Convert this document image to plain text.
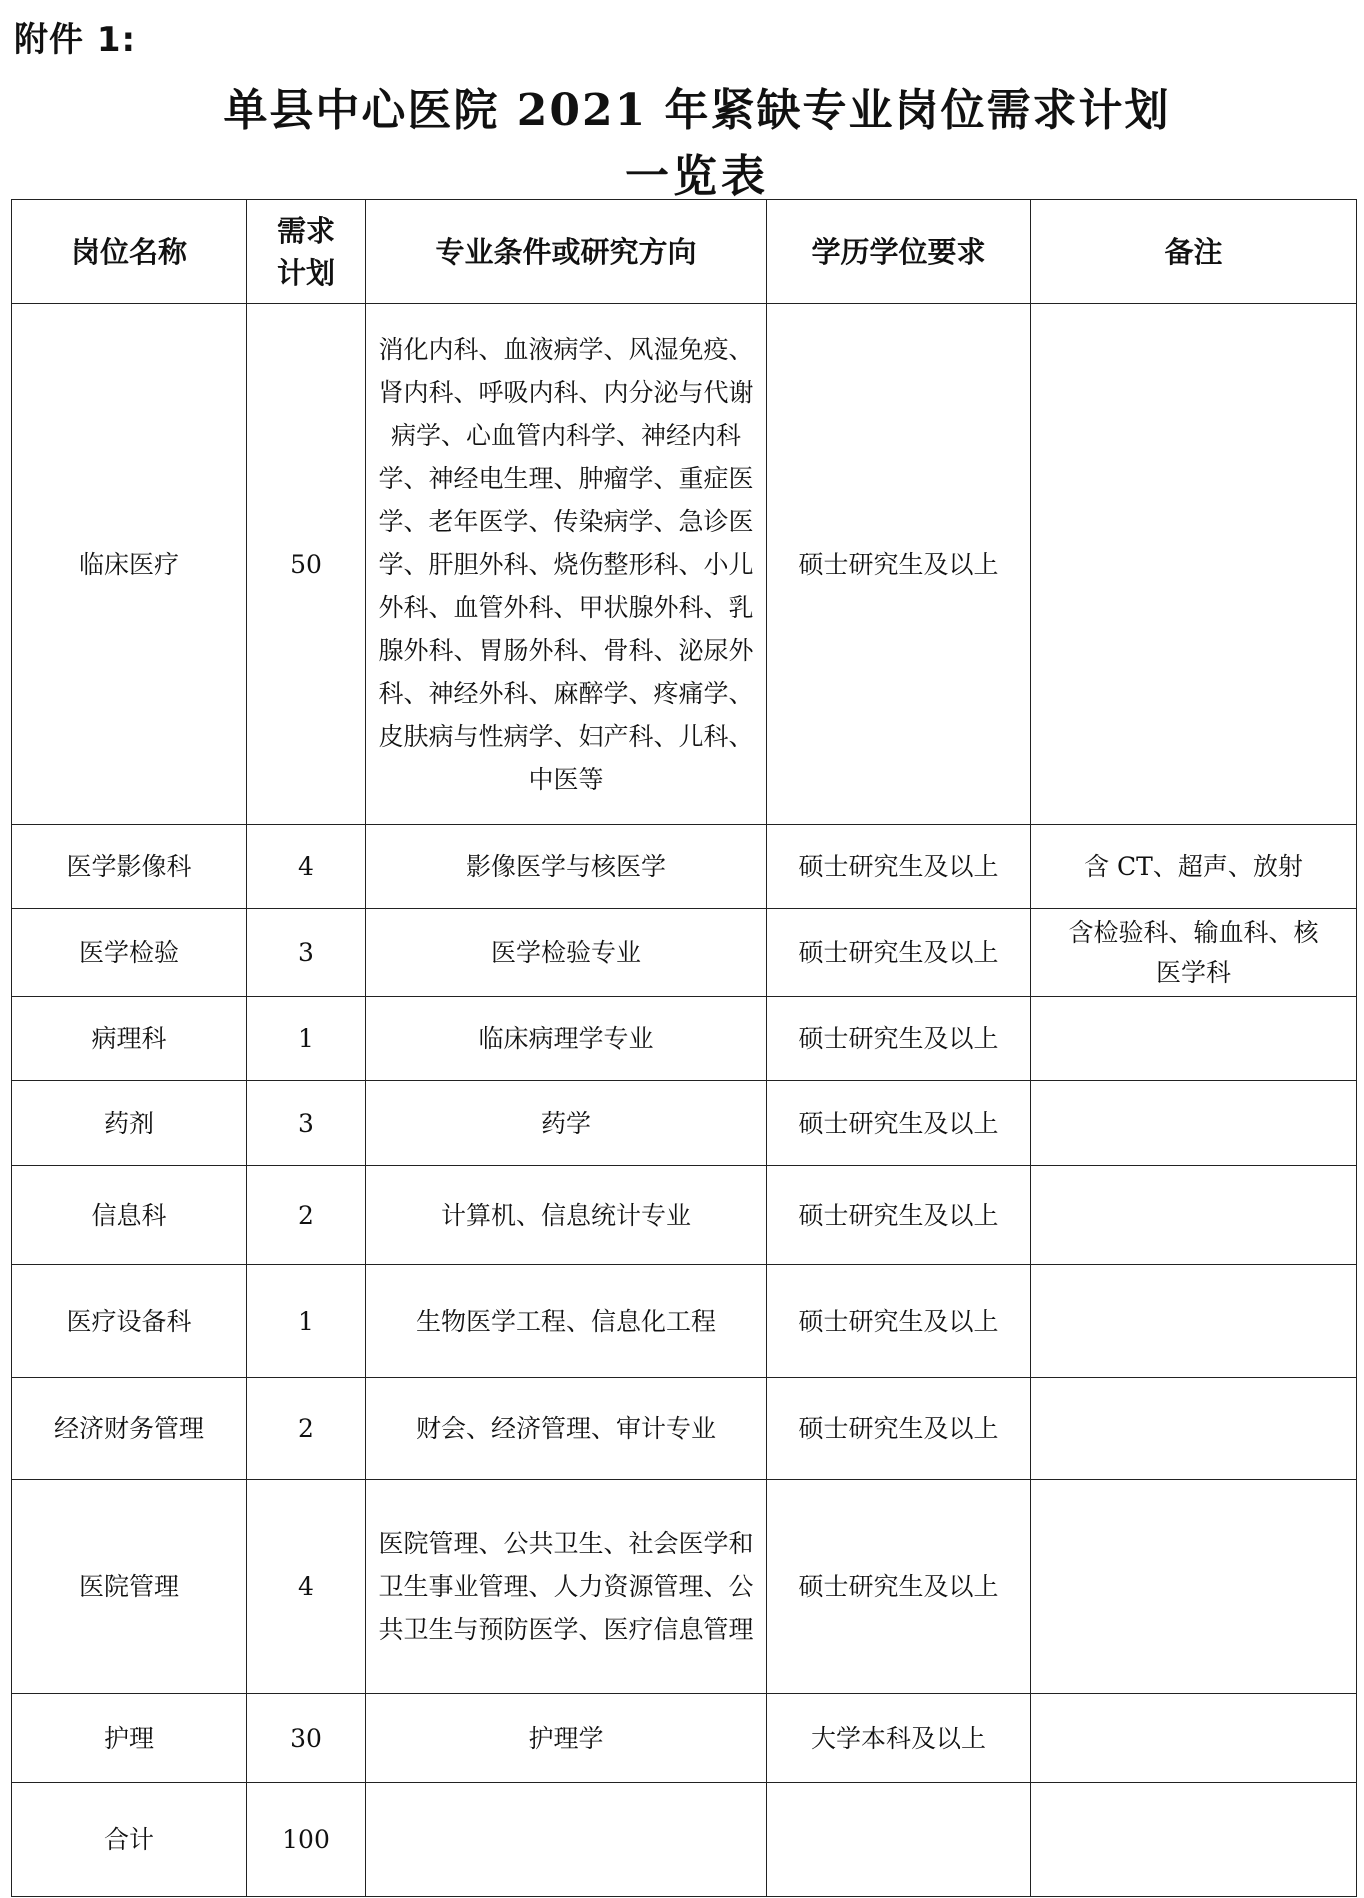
附件 1:
单县中心医院 2021 年紧缺专业岗位需求计划
一览表
岗位名称	需求计划	专业条件或研究方向	学历学位要求	备注
临床医疗	50	消化内科、血液病学、风湿免疫、肾内科、呼吸内科、内分泌与代谢病学、心血管内科学、神经内科学、神经电生理、肿瘤学、重症医学、老年医学、传染病学、急诊医学、肝胆外科、烧伤整形科、小儿外科、血管外科、甲状腺外科、乳腺外科、胃肠外科、骨科、泌尿外科、神经外科、麻醉学、疼痛学、皮肤病与性病学、妇产科、儿科、中医等	硕士研究生及以上	
医学影像科	4	影像医学与核医学	硕士研究生及以上	含 CT、超声、放射
医学检验	3	医学检验专业	硕士研究生及以上	含检验科、输血科、核医学科
病理科	1	临床病理学专业	硕士研究生及以上	
药剂	3	药学	硕士研究生及以上	
信息科	2	计算机、信息统计专业	硕士研究生及以上	
医疗设备科	1	生物医学工程、信息化工程	硕士研究生及以上	
经济财务管理	2	财会、经济管理、审计专业	硕士研究生及以上	
医院管理	4	医院管理、公共卫生、社会医学和卫生事业管理、人力资源管理、公共卫生与预防医学、医疗信息管理	硕士研究生及以上	
护理	30	护理学	大学本科及以上	
合计	100			
